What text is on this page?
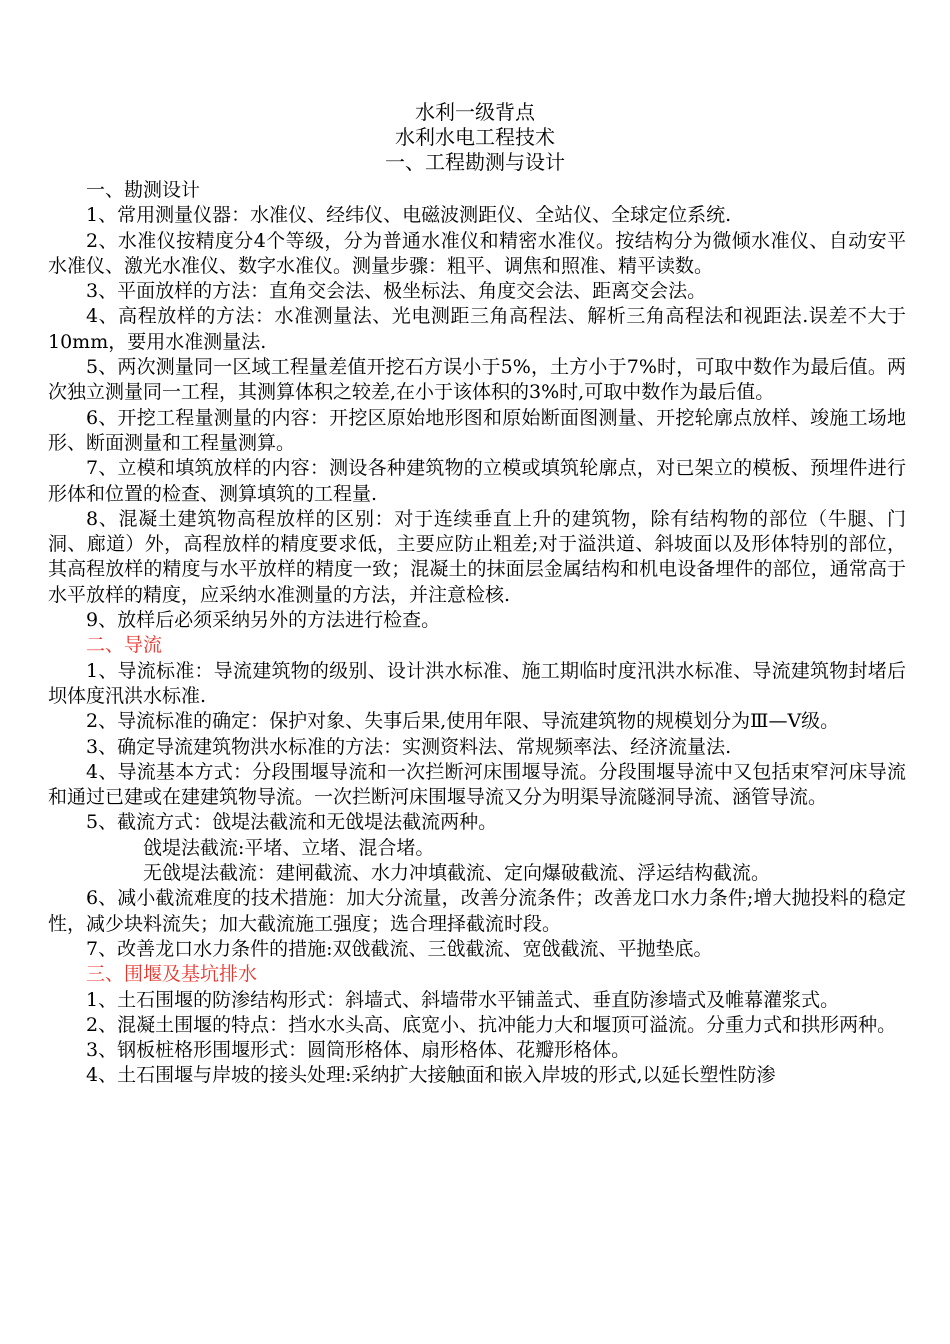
水利一级背点
水利水电工程技术
一、工程勘测与设计

一、勘测设计

1、常用测量仪器：水准仪、经纬仪、电磁波测距仪、全站仪、全球定位系统.

2、水准仪按精度分4个等级，分为普通水准仪和精密水准仪。按结构分为微倾水准仪、自动安平水准仪、激光水准仪、数字水准仪。测量步骤：粗平、调焦和照准、精平读数。

3、平面放样的方法：直角交会法、极坐标法、角度交会法、距离交会法。

4、高程放样的方法：水准测量法、光电测距三角高程法、解析三角高程法和视距法.误差不大于10mm，要用水准测量法.

5、两次测量同一区域工程量差值开挖石方误小于5%，土方小于7%时，可取中数作为最后值。两次独立测量同一工程，其测算体积之较差,在小于该体积的3%时,可取中数作为最后值。

6、开挖工程量测量的内容：开挖区原始地形图和原始断面图测量、开挖轮廓点放样、竣施工场地形、断面测量和工程量测算。

7、立模和填筑放样的内容：测设各种建筑物的立模或填筑轮廓点，对已架立的模板、预埋件进行形体和位置的检查、测算填筑的工程量.

8、混凝土建筑物高程放样的区别：对于连续垂直上升的建筑物，除有结构物的部位（牛腿、门洞、廊道）外，高程放样的精度要求低，主要应防止粗差;对于溢洪道、斜坡面以及形体特别的部位，其高程放样的精度与水平放样的精度一致；混凝土的抹面层金属结构和机电设备埋件的部位，通常高于水平放样的精度，应采纳水准测量的方法，并注意检核.

9、放样后必须采纳另外的方法进行检查。

二、导流

1、导流标准：导流建筑物的级别、设计洪水标准、施工期临时度汛洪水标准、导流建筑物封堵后坝体度汛洪水标准.

2、导流标准的确定：保护对象、失事后果,使用年限、导流建筑物的规模划分为Ⅲ—Ⅴ级。

3、确定导流建筑物洪水标准的方法：实测资料法、常规频率法、经济流量法.

4、导流基本方式：分段围堰导流和一次拦断河床围堰导流。分段围堰导流中又包括束窄河床导流和通过已建或在建建筑物导流。一次拦断河床围堰导流又分为明渠导流隧洞导流、涵管导流。

5、截流方式：戗堤法截流和无戗堤法截流两种。

戗堤法截流:平堵、立堵、混合堵。

无戗堤法截流：建闸截流、水力冲填截流、定向爆破截流、浮运结构截流。

6、减小截流难度的技术措施：加大分流量，改善分流条件；改善龙口水力条件;增大抛投料的稳定性，减少块料流失；加大截流施工强度；选合理择截流时段。

7、改善龙口水力条件的措施:双戗截流、三戗截流、宽戗截流、平抛垫底。

三、围堰及基坑排水

1、土石围堰的防渗结构形式：斜墙式、斜墙带水平铺盖式、垂直防渗墙式及帷幕灌浆式。

2、混凝土围堰的特点：挡水水头高、底宽小、抗冲能力大和堰顶可溢流。分重力式和拱形两种。

3、钢板桩格形围堰形式：圆筒形格体、扇形格体、花瓣形格体。

4、土石围堰与岸坡的接头处理:采纳扩大接触面和嵌入岸坡的形式,以延长塑性防渗
